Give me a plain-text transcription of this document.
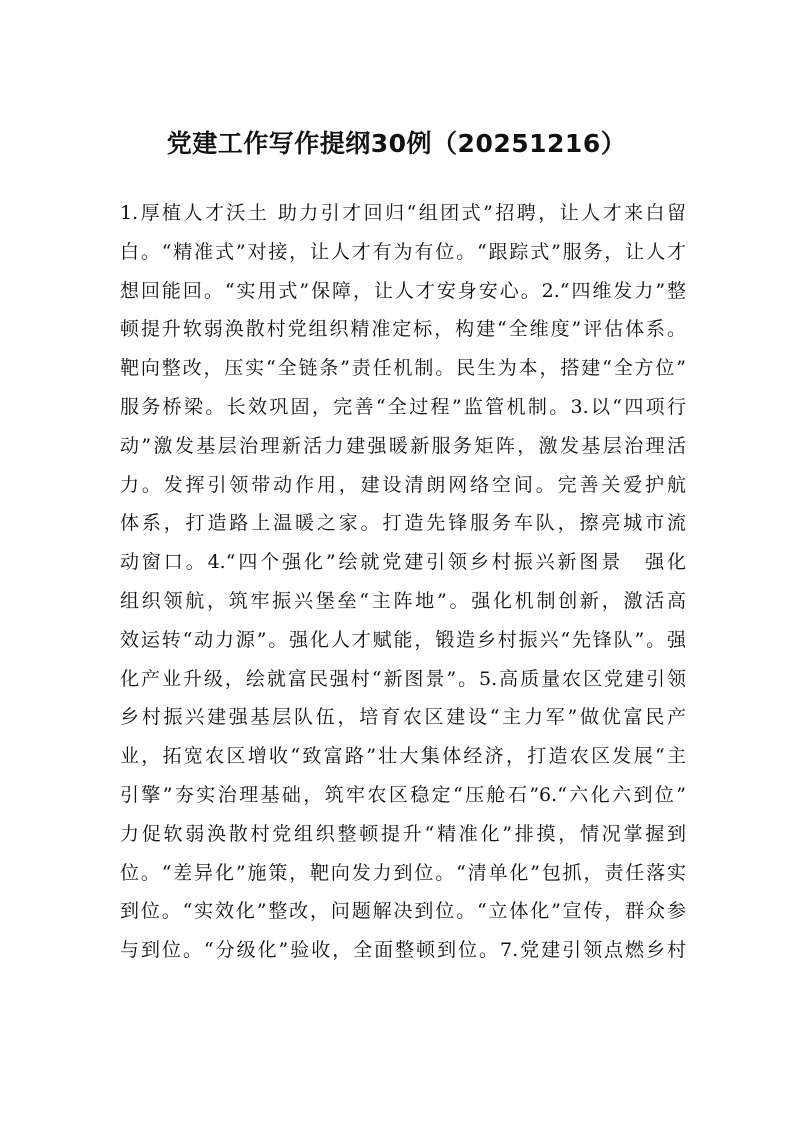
党建工作写作提纲30例（20251216）
1.厚植人才沃土 助力引才回归“组团式”招聘，让人才来白留
白。“精准式”对接，让人才有为有位。“跟踪式”服务，让人才
想回能回。“实用式”保障，让人才安身安心。2.“四维发力”整
顿提升软弱涣散村党组织精准定标，构建“全维度”评估体系。
靶向整改，压实“全链条”责任机制。民生为本，搭建“全方位”
服务桥梁。长效巩固，完善“全过程”监管机制。3.以“四项行
动”激发基层治理新活力建强暖新服务矩阵，激发基层治理活
力。发挥引领带动作用，建设清朗网络空间。完善关爱护航
体系，打造路上温暖之家。打造先锋服务车队，擦亮城市流
动窗口。4.“四个强化”绘就党建引领乡村振兴新图景　强化
组织领航，筑牢振兴堡垒“主阵地”。强化机制创新，激活高
效运转“动力源”。强化人才赋能，锻造乡村振兴“先锋队”。强
化产业升级，绘就富民强村“新图景”。5.高质量农区党建引领
乡村振兴建强基层队伍，培育农区建设“主力军”做优富民产
业，拓宽农区增收“致富路”壮大集体经济，打造农区发展“主
引擎”夯实治理基础，筑牢农区稳定“压舱石”6.“六化六到位”
力促软弱涣散村党组织整顿提升“精准化”排摸，情况掌握到
位。“差异化”施策，靶向发力到位。“清单化”包抓，责任落实
到位。“实效化”整改，问题解决到位。“立体化”宣传，群众参
与到位。“分级化”验收，全面整顿到位。7.党建引领点燃乡村
